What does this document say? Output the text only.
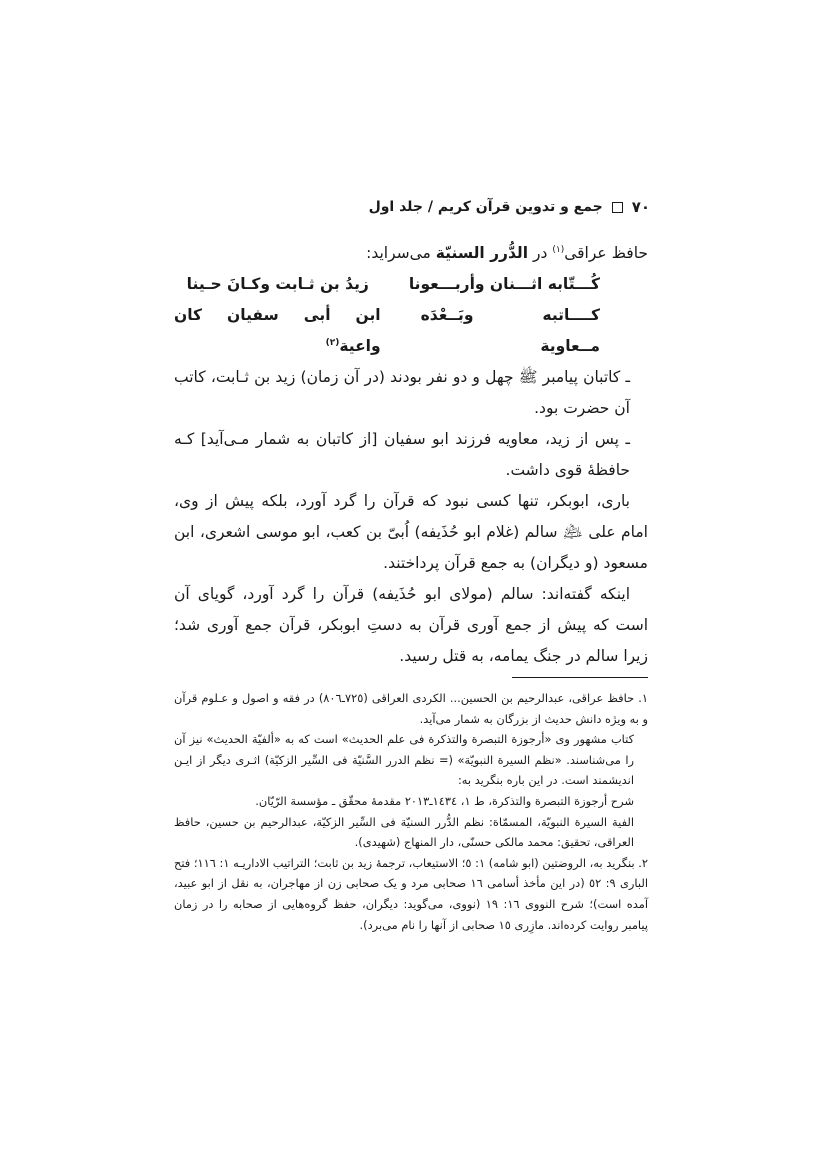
٧٠
جمع و تدوین قرآن کریم / جلد اول

حافظ عراقی$^{(١)}$ در الدُّرر السنیّة می‌سراید:

کُـــتّابه اثـــنان وأربـــعونا
زیدُ بن ثـابت وکـانَ حـینا
کــــاتبه وبَــعْدَه مــعاویة
ابن أبی سفیان کان واعیة$^{(٢)}$

ـ کاتبان پیامبر ﷺ چهل و دو نفر بودند (در آن زمان) زید بن ثـابت، کاتب آن حضرت بود.

ـ پس از زید، معاویه فرزند ابو سفیان [از کاتبان به شمار مـی‌آید] کـه حافظهٔ قوی داشت.

باری، ابوبکر، تنها کسی نبود که قرآن را گرد آورد، بلکه پیش از وی، امام علی ﵇ سالم (غلام ابو حُذَیفه) اُبیّ بن کعب، ابو موسی اشعری، ابن مسعود (و دیگران) به جمع قرآن پرداختند.

اینکه گفته‌اند: سالم (مولای ابو حُذَیفه) قرآن را گرد آورد، گویای آن است که پیش از جمع آوری قرآن به دستِ ابوبکر، قرآن جمع آوری شد؛ زیرا سالم در جنگ یمامه، به قتل رسید.

١. حافظ عراقی، عبدالرحیم بن الحسین... الکردی العراقی (٧٢٥ـ٨٠٦) در فقه و اصول و عـلوم قرآن و به ویژه دانش حدیث از بزرگان به شمار می‌آید.

کتاب مشهور وی «أرجوزة التبصرة والتذکرة فی علم الحدیث» است که به «ألفیّة الحدیث» نیز آن را می‌شناسند. «نظم السیرة النبویّة» (= نظم الدرر السَّنیّة فی السِّیر الزکیّة) اثـری دیگر از ایـن اندیشمند است. در این باره بنگرید به:

شرح أرجوزة التبصرة والتذکرة، ط ١، ١٤٣٤ـ٢٠١٣ مقدمهٔ محقّق ـ مؤسسة الرّیّان.

الفیة السیرة النبویّة، المسمّاة: نظم الدُّرر السنیّة فی السِّیر الزکیّة، عبدالرحیم بن حسین، حافظ العراقی، تحقیق: محمد مالکی حسنّی، دار المنهاج (شهیدی).

٢. بنگرید به، الروضتین (ابو شامه) ١: ٥؛ الاستیعاب، ترجمهٔ زید بن ثابت؛ التراتیب الاداریـه ١: ١١٦؛ فتح الباری ٩: ٥٢ (در این مأخذ أسامی ١٦ صحابی مرد و یک صحابی زن از مهاجران، به نقل از ابو عبید، آمده است)؛ شرح النووی ١٦: ١٩ (نووی، می‌گوید: دیگران، حفظ گروه‌هایی از صحابه را در زمان پیامبر روایت کرده‌اند. مازِری ١٥ صحابی از آنها را نام می‌برد).
